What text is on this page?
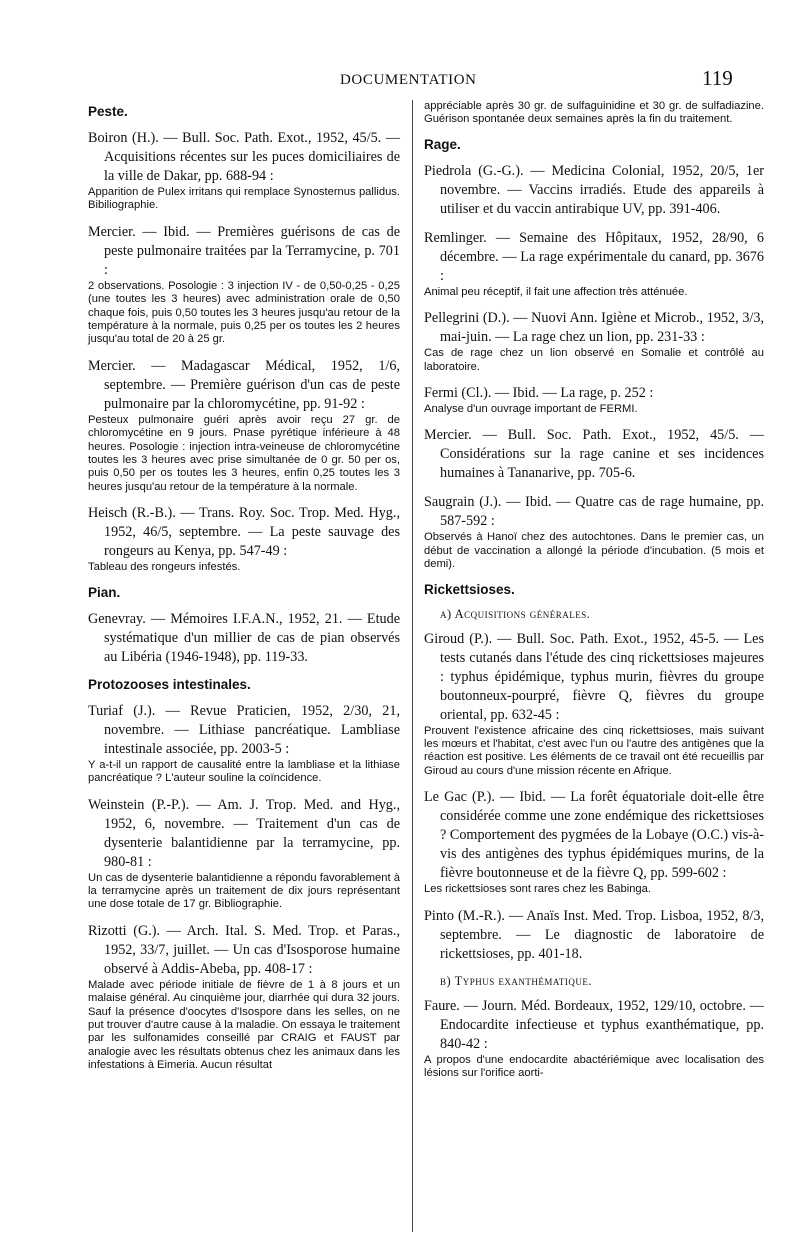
DOCUMENTATION	119
Peste.
Boiron (H.). — Bull. Soc. Path. Exot., 1952, 45/5. — Acquisitions récentes sur les puces domiciliaires de la ville de Dakar, pp. 688-94 :
Apparition de Pulex irritans qui remplace Synosternus pallidus. Bibiliographie.
Mercier. — Ibid. — Premières guérisons de cas de peste pulmonaire traitées par la Terramycine, p. 701 :
2 observations. Posologie : 3 injection IV - de 0,50-0,25 - 0,25 (une toutes les 3 heures) avec administration orale de 0,50 chaque fois, puis 0,50 toutes les 3 heures jusqu'au retour de la température à la normale, puis 0,25 per os toutes les 2 heures jusqu'au total de 20 à 25 gr.
Mercier. — Madagascar Médical, 1952, 1/6, septembre. — Première guérison d'un cas de peste pulmonaire par la chloromycétine, pp. 91-92 :
Pesteux pulmonaire guéri après avoir reçu 27 gr. de chloromycétine en 9 jours. Pnase pyrétique inférieure à 48 heures. Posologie : injection intra-veineuse de chloromycétine toutes les 3 heures avec prise simultanée de 0 gr. 50 per os, puis 0,50 per os toutes les 3 heures, enfin 0,25 toutes les 3 heures jusqu'au retour de la température à la normale.
Heisch (R.-B.). — Trans. Roy. Soc. Trop. Med. Hyg., 1952, 46/5, septembre. — La peste sauvage des rongeurs au Kenya, pp. 547-49 :
Tableau des rongeurs infestés.
Pian.
Genevray. — Mémoires I.F.A.N., 1952, 21. — Etude systématique d'un millier de cas de pian observés au Libéria (1946-1948), pp. 119-33.
Protozooses intestinales.
Turiaf (J.). — Revue Praticien, 1952, 2/30, 21, novembre. — Lithiase pancréatique. Lambliase intestinale associée, pp. 2003-5 :
Y a-t-il un rapport de causalité entre la lambliase et la lithiase pancréatique ? L'auteur souline la coïncidence.
Weinstein (P.-P.). — Am. J. Trop. Med. and Hyg., 1952, 6, novembre. — Traitement d'un cas de dysenterie balantidienne par la terramycine, pp. 980-81 :
Un cas de dysenterie balantidienne a répondu favorablement à la terramycine après un traitement de dix jours représentant une dose totale de 17 gr. Bibliographie.
Rizotti (G.). — Arch. Ital. S. Med. Trop. et Paras., 1952, 33/7, juillet. — Un cas d'Isosporose humaine observé à Addis-Abeba, pp. 408-17 :
Malade avec période initiale de fièvre de 1 à 8 jours et un malaise général. Au cinquième jour, diarrhée qui dura 32 jours. Sauf la présence d'oocytes d'Isospore dans les selles, on ne put trouver d'autre cause à la maladie. On essaya le traitement par les sulfonamides conseillé par CRAIG et FAUST par analogie avec les résultats obtenus chez les animaux dans les infestations à Eimeria. Aucun résultat
appréciable après 30 gr. de sulfaguinidine et 30 gr. de sulfadiazine. Guérison spontanée deux semaines après la fin du traitement.
Rage.
Piedrola (G.-G.). — Medicina Colonial, 1952, 20/5, 1er novembre. — Vaccins irradiés. Etude des appareils à utiliser et du vaccin antirabique UV, pp. 391-406.
Remlinger. — Semaine des Hôpitaux, 1952, 28/90, 6 décembre. — La rage expérimentale du canard, pp. 3676 :
Animal peu réceptif, il fait une affection très atténuée.
Pellegrini (D.). — Nuovi Ann. Igiène et Microb., 1952, 3/3, mai-juin. — La rage chez un lion, pp. 231-33 :
Cas de rage chez un lion observé en Somalie et contrôlé au laboratoire.
Fermi (Cl.). — Ibid. — La rage, p. 252 :
Analyse d'un ouvrage important de FERMI.
Mercier. — Bull. Soc. Path. Exot., 1952, 45/5. — Considérations sur la rage canine et ses incidences humaines à Tananarive, pp. 705-6.
Saugrain (J.). — Ibid. — Quatre cas de rage humaine, pp. 587-592 :
Observés à Hanoï chez des autochtones. Dans le premier cas, un début de vaccination a allongé la période d'incubation. (5 mois et demi).
Rickettsioses.
a) Acquisitions générales.
Giroud (P.). — Bull. Soc. Path. Exot., 1952, 45-5. — Les tests cutanés dans l'étude des cinq rickettsioses majeures : typhus épidémique, typhus murin, fièvres du groupe boutonneux-pourpré, fièvre Q, fièvres du groupe oriental, pp. 632-45 :
Prouvent l'existence africaine des cinq rickettsioses, mais suivant les mœurs et l'habitat, c'est avec l'un ou l'autre des antigènes que la réaction est positive. Les éléments de ce travail ont été recueillis par Giroud au cours d'une mission récente en Afrique.
Le Gac (P.). — Ibid. — La forêt équatoriale doit-elle être considérée comme une zone endémique des rickettsioses ? Comportement des pygmées de la Lobaye (O.C.) vis-à-vis des antigènes des typhus épidémiques murins, de la fièvre boutonneuse et de la fièvre Q, pp. 599-602 :
Les rickettsioses sont rares chez les Babinga.
Pinto (M.-R.). — Anaïs Inst. Med. Trop. Lisboa, 1952, 8/3, septembre. — Le diagnostic de laboratoire de rickettsioses, pp. 401-18.
b) Typhus exanthématique.
Faure. — Journ. Méd. Bordeaux, 1952, 129/10, octobre. — Endocardite infectieuse et typhus exanthématique, pp. 840-42 :
A propos d'une endocardite abactériémique avec localisation des lésions sur l'orifice aorti-
